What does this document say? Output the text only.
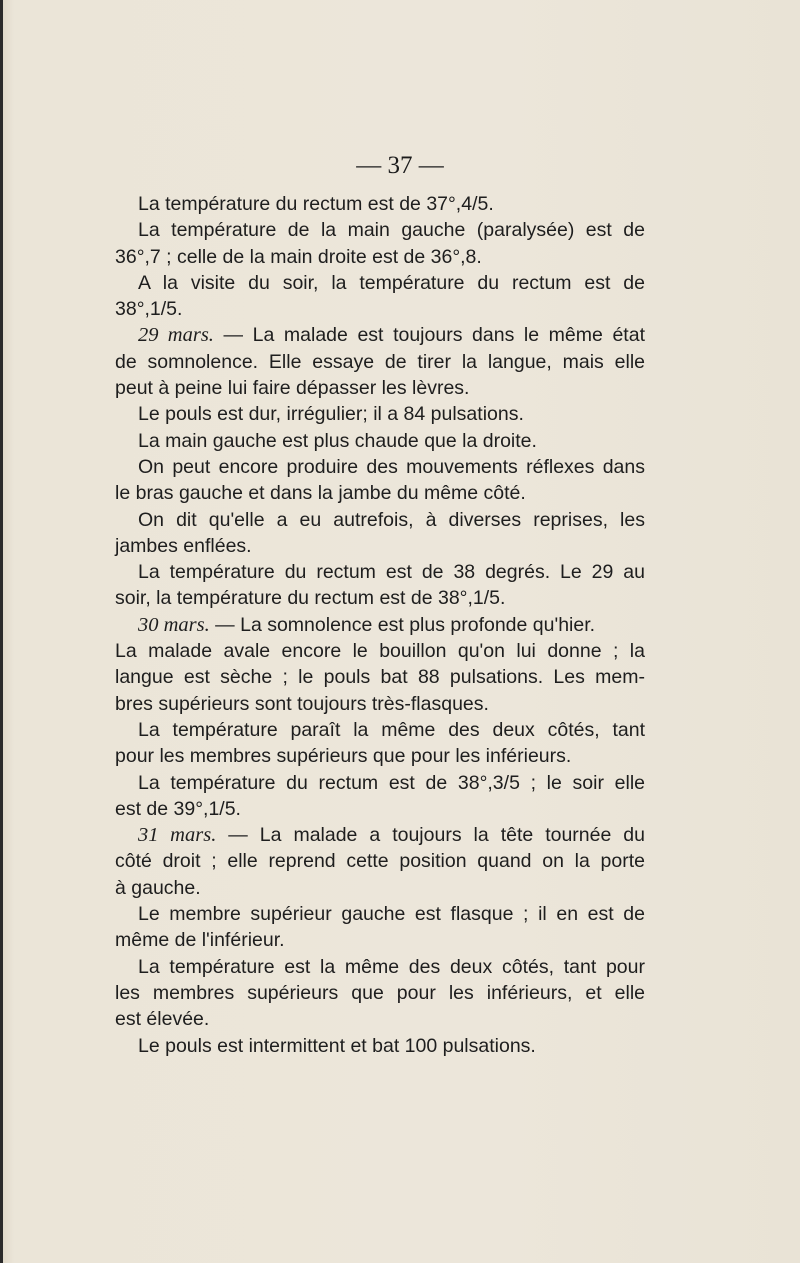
— 37 —
La température du rectum est de 37°,4/5.
La température de la main gauche (paralysée) est de
36°,7 ; celle de la main droite est de 36°,8.
A la visite du soir, la température du rectum est de
38°,1/5.
29 mars. — La malade est toujours dans le même état
de somnolence. Elle essaye de tirer la langue, mais elle
peut à peine lui faire dépasser les lèvres.
Le pouls est dur, irrégulier; il a 84 pulsations.
La main gauche est plus chaude que la droite.
On peut encore produire des mouvements réflexes dans
le bras gauche et dans la jambe du même côté.
On dit qu'elle a eu autrefois, à diverses reprises, les
jambes enflées.
La température du rectum est de 38 degrés. Le 29 au
soir, la température du rectum est de 38°,1/5.
30 mars. — La somnolence est plus profonde qu'hier.
La malade avale encore le bouillon qu'on lui donne ; la
langue est sèche ; le pouls bat 88 pulsations. Les mem-
bres supérieurs sont toujours très-flasques.
La température paraît la même des deux côtés, tant
pour les membres supérieurs que pour les inférieurs.
La température du rectum est de 38°,3/5 ; le soir elle
est de 39°,1/5.
31 mars. — La malade a toujours la tête tournée du
côté droit ; elle reprend cette position quand on la porte
à gauche.
Le membre supérieur gauche est flasque ; il en est de
même de l'inférieur.
La température est la même des deux côtés, tant pour
les membres supérieurs que pour les inférieurs, et elle
est élevée.
Le pouls est intermittent et bat 100 pulsations.
